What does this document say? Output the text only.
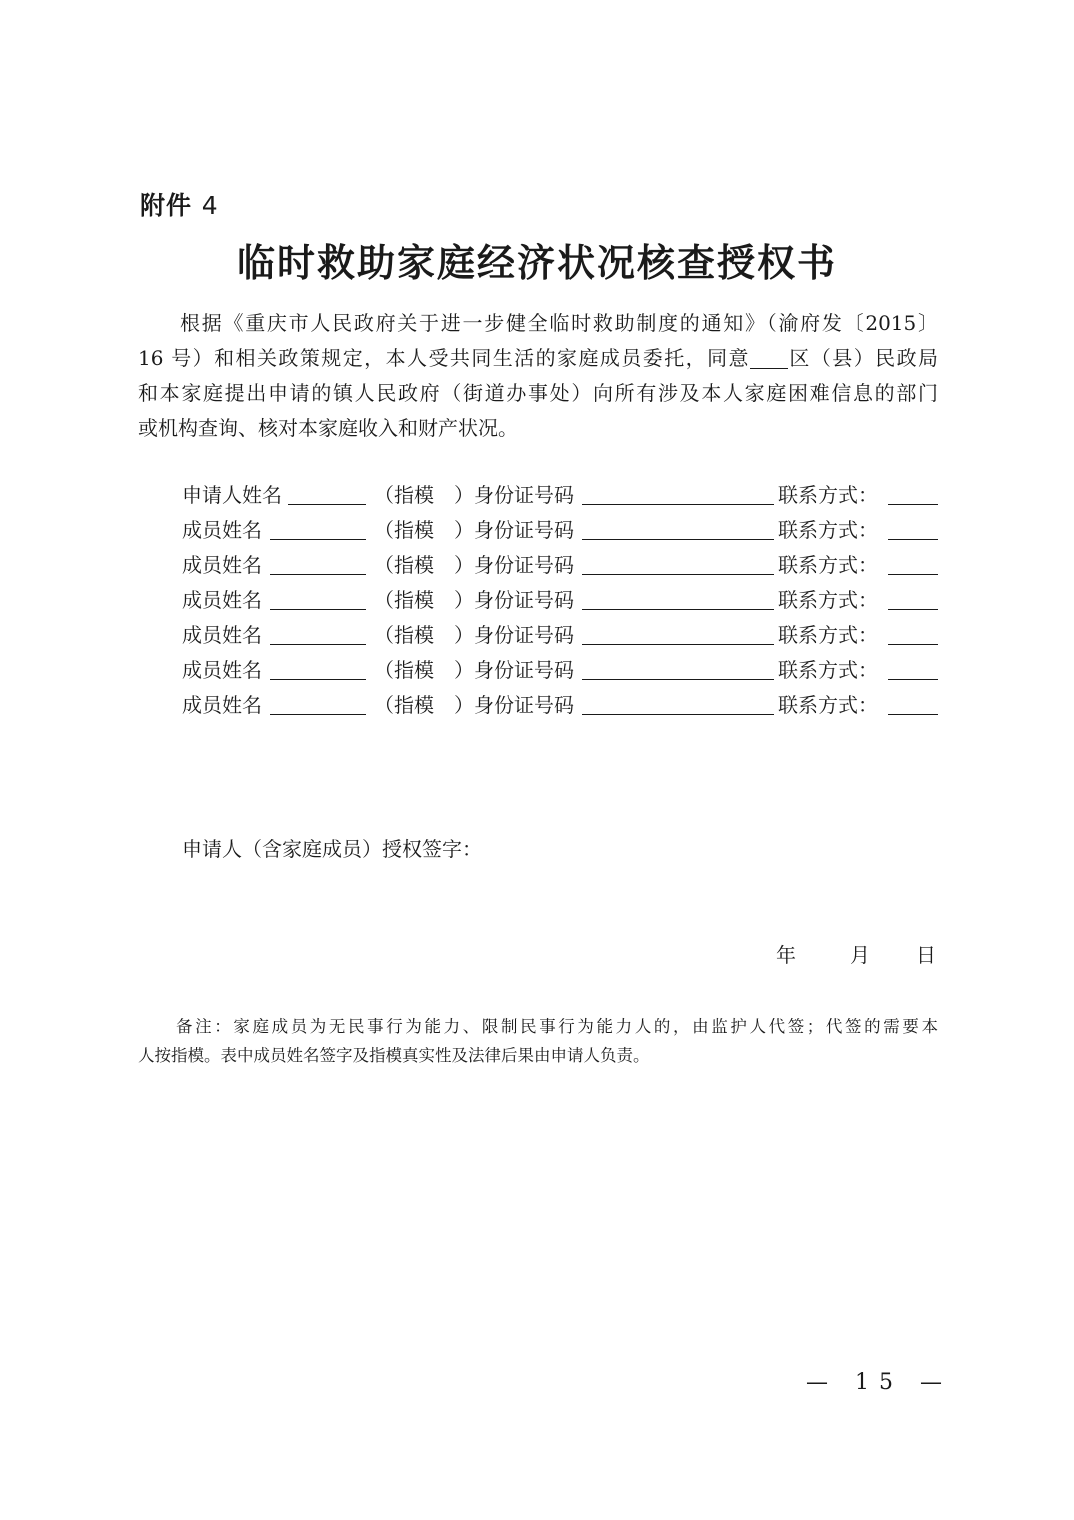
附件 4
临时救助家庭经济状况核查授权书
根据《重庆市人民政府关于进一步健全临时救助制度的通知》（渝府发〔2015〕
16 号）和相关政策规定，本人受共同生活的家庭成员委托，同意 区（县）民政局
和本家庭提出申请的镇人民政府（街道办事处）向所有涉及本人家庭困难信息的部门
或机构查询、核对本家庭收入和财产状况。
申请人姓名	（指模 ） 身份证号码	联系方式：
成员姓名	（指模 ） 身份证号码	联系方式：
成员姓名	（指模 ） 身份证号码	联系方式：
成员姓名	（指模 ） 身份证号码	联系方式：
成员姓名	（指模 ） 身份证号码	联系方式：
成员姓名	（指模 ） 身份证号码	联系方式：
成员姓名	（指模 ） 身份证号码	联系方式：
申请人（含家庭成员）授权签字：
年	月 日
备注：家庭成员为无民事行为能力、限制民事行为能力人的，由监护人代签；代签的需要本
人按指模。表中成员姓名签字及指模真实性及法律后果由申请人负责。
— 15 —
